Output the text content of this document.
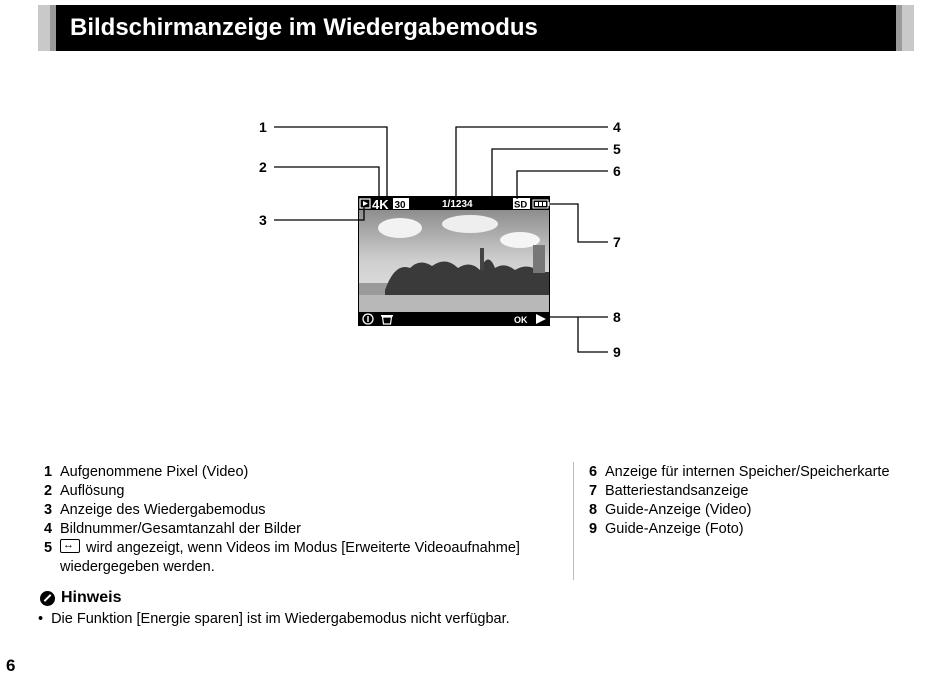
Bildschirmanzeige im Wiedergabemodus
4K 30	1/1234	SD
OK
1
2
3
4
5
6
7
8
9
1 Aufgenommene Pixel (Video)
2 Auflösung
3 Anzeige des Wiedergabemodus
4 Bildnummer/Gesamtanzahl der Bilder
5
↔	wird angezeigt, wenn Videos im Modus [Erweiterte Videoaufnahme]
wiedergegeben werden.
6 Anzeige für internen Speicher/Speicherkarte
7 Batteriestandsanzeige
8 Guide-Anzeige (Video)
9 Guide-Anzeige (Foto)
Hinweis
• Die Funktion [Energie sparen] ist im Wiedergabemodus nicht verfügbar.
6
